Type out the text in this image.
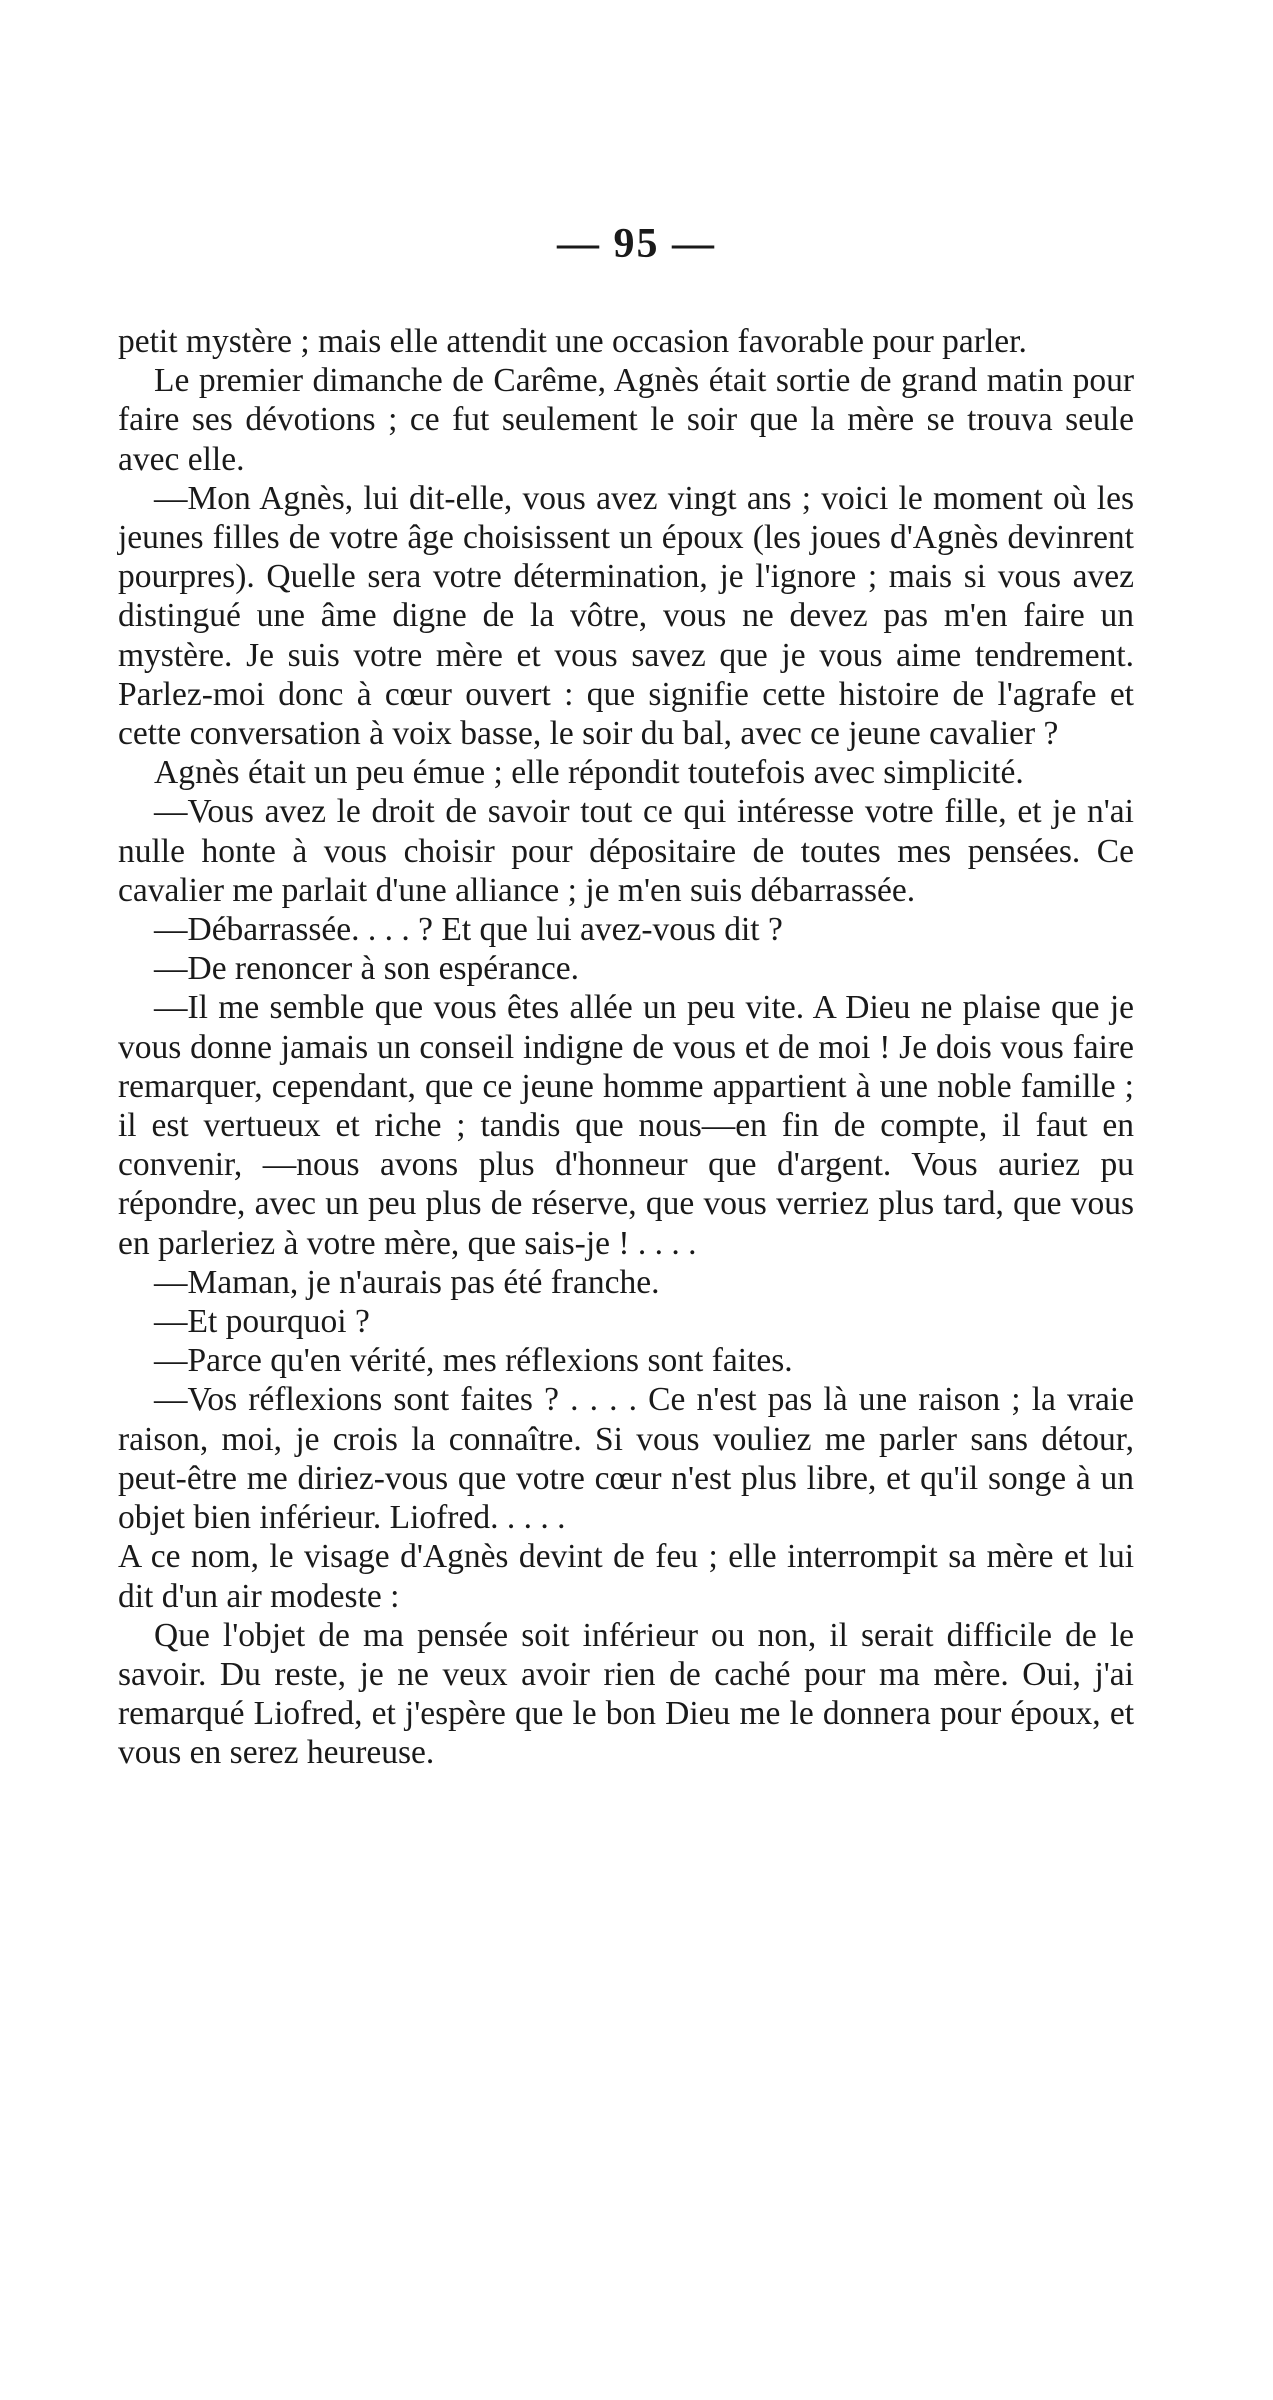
— 95 —

petit mystère ; mais elle attendit une occasion favorable pour parler.

Le premier dimanche de Carême, Agnès était sortie de grand matin pour faire ses dévotions ; ce fut seulement le soir que la mère se trouva seule avec elle.

—Mon Agnès, lui dit-elle, vous avez vingt ans ; voici le moment où les jeunes filles de votre âge choisissent un époux (les joues d'Agnès devinrent pourpres). Quelle sera votre détermination, je l'ignore ; mais si vous avez distingué une âme digne de la vôtre, vous ne devez pas m'en faire un mystère. Je suis votre mère et vous savez que je vous aime tendrement. Parlez-moi donc à cœur ouvert : que signifie cette histoire de l'agrafe et cette conversation à voix basse, le soir du bal, avec ce jeune cavalier ?

Agnès était un peu émue ; elle répondit toutefois avec simplicité.

—Vous avez le droit de savoir tout ce qui intéresse votre fille, et je n'ai nulle honte à vous choisir pour dépositaire de toutes mes pensées. Ce cavalier me parlait d'une alliance ; je m'en suis débarrassée.

—Débarrassée. . . . ? Et que lui avez-vous dit ?

—De renoncer à son espérance.

—Il me semble que vous êtes allée un peu vite. A Dieu ne plaise que je vous donne jamais un conseil indigne de vous et de moi ! Je dois vous faire remarquer, cependant, que ce jeune homme appartient à une noble famille ; il est vertueux et riche ; tandis que nous—en fin de compte, il faut en convenir, —nous avons plus d'honneur que d'argent. Vous auriez pu répondre, avec un peu plus de réserve, que vous verriez plus tard, que vous en parleriez à votre mère, que sais-je ! . . . .

—Maman, je n'aurais pas été franche.

—Et pourquoi ?

—Parce qu'en vérité, mes réflexions sont faites.

—Vos réflexions sont faites ? . . . . Ce n'est pas là une raison ; la vraie raison, moi, je crois la connaître. Si vous vouliez me parler sans détour, peut-être me diriez-vous que votre cœur n'est plus libre, et qu'il songe à un objet bien inférieur. Liofred. . . . .

A ce nom, le visage d'Agnès devint de feu ; elle interrompit sa mère et lui dit d'un air modeste :

Que l'objet de ma pensée soit inférieur ou non, il serait difficile de le savoir. Du reste, je ne veux avoir rien de caché pour ma mère. Oui, j'ai remarqué Liofred, et j'espère que le bon Dieu me le donnera pour époux, et vous en serez heureuse.
